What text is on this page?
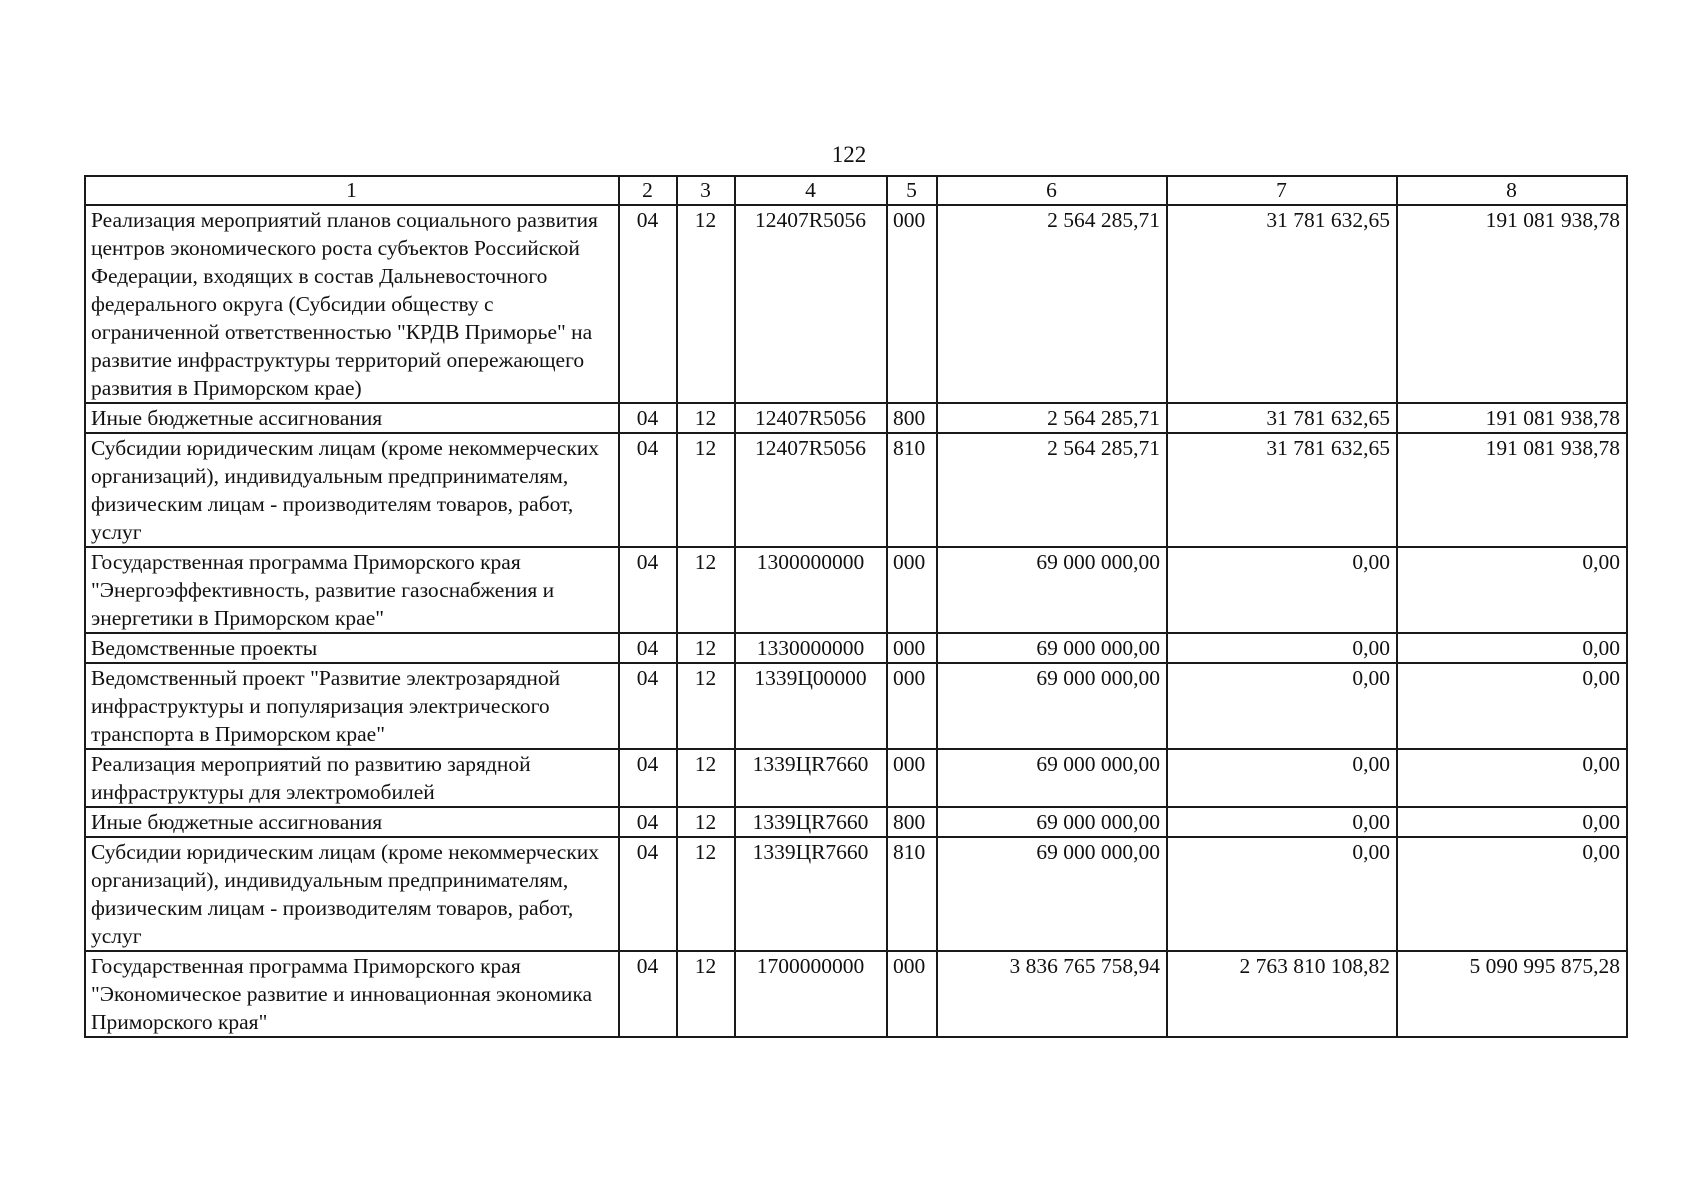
122
1	2	3	4	5	6	7	8
Реализация мероприятий планов социального развития центров экономического роста субъектов Российской Федерации, входящих в состав Дальневосточного федерального округа (Субсидии обществу с ограниченной ответственностью "КРДВ Приморье" на развитие инфраструктуры территорий опережающего развития в Приморском крае)	04	12	12407R5056	000	2 564 285,71	31 781 632,65	191 081 938,78
Иные бюджетные ассигнования	04	12	12407R5056	800	2 564 285,71	31 781 632,65	191 081 938,78
Субсидии юридическим лицам (кроме некоммерческих организаций), индивидуальным предпринимателям, физическим лицам - производителям товаров, работ, услуг	04	12	12407R5056	810	2 564 285,71	31 781 632,65	191 081 938,78
Государственная программа Приморского края "Энергоэффективность, развитие газоснабжения и энергетики в Приморском крае"	04	12	1300000000	000	69 000 000,00	0,00	0,00
Ведомственные проекты	04	12	1330000000	000	69 000 000,00	0,00	0,00
Ведомственный проект "Развитие электрозарядной инфраструктуры и популяризация электрического транспорта в Приморском крае"	04	12	1339Ц00000	000	69 000 000,00	0,00	0,00
Реализация мероприятий по развитию зарядной инфраструктуры для электромобилей	04	12	1339ЦR7660	000	69 000 000,00	0,00	0,00
Иные бюджетные ассигнования	04	12	1339ЦR7660	800	69 000 000,00	0,00	0,00
Субсидии юридическим лицам (кроме некоммерческих организаций), индивидуальным предпринимателям, физическим лицам - производителям товаров, работ, услуг	04	12	1339ЦR7660	810	69 000 000,00	0,00	0,00
Государственная программа Приморского края "Экономическое развитие и инновационная экономика Приморского края"	04	12	1700000000	000	3 836 765 758,94	2 763 810 108,82	5 090 995 875,28
